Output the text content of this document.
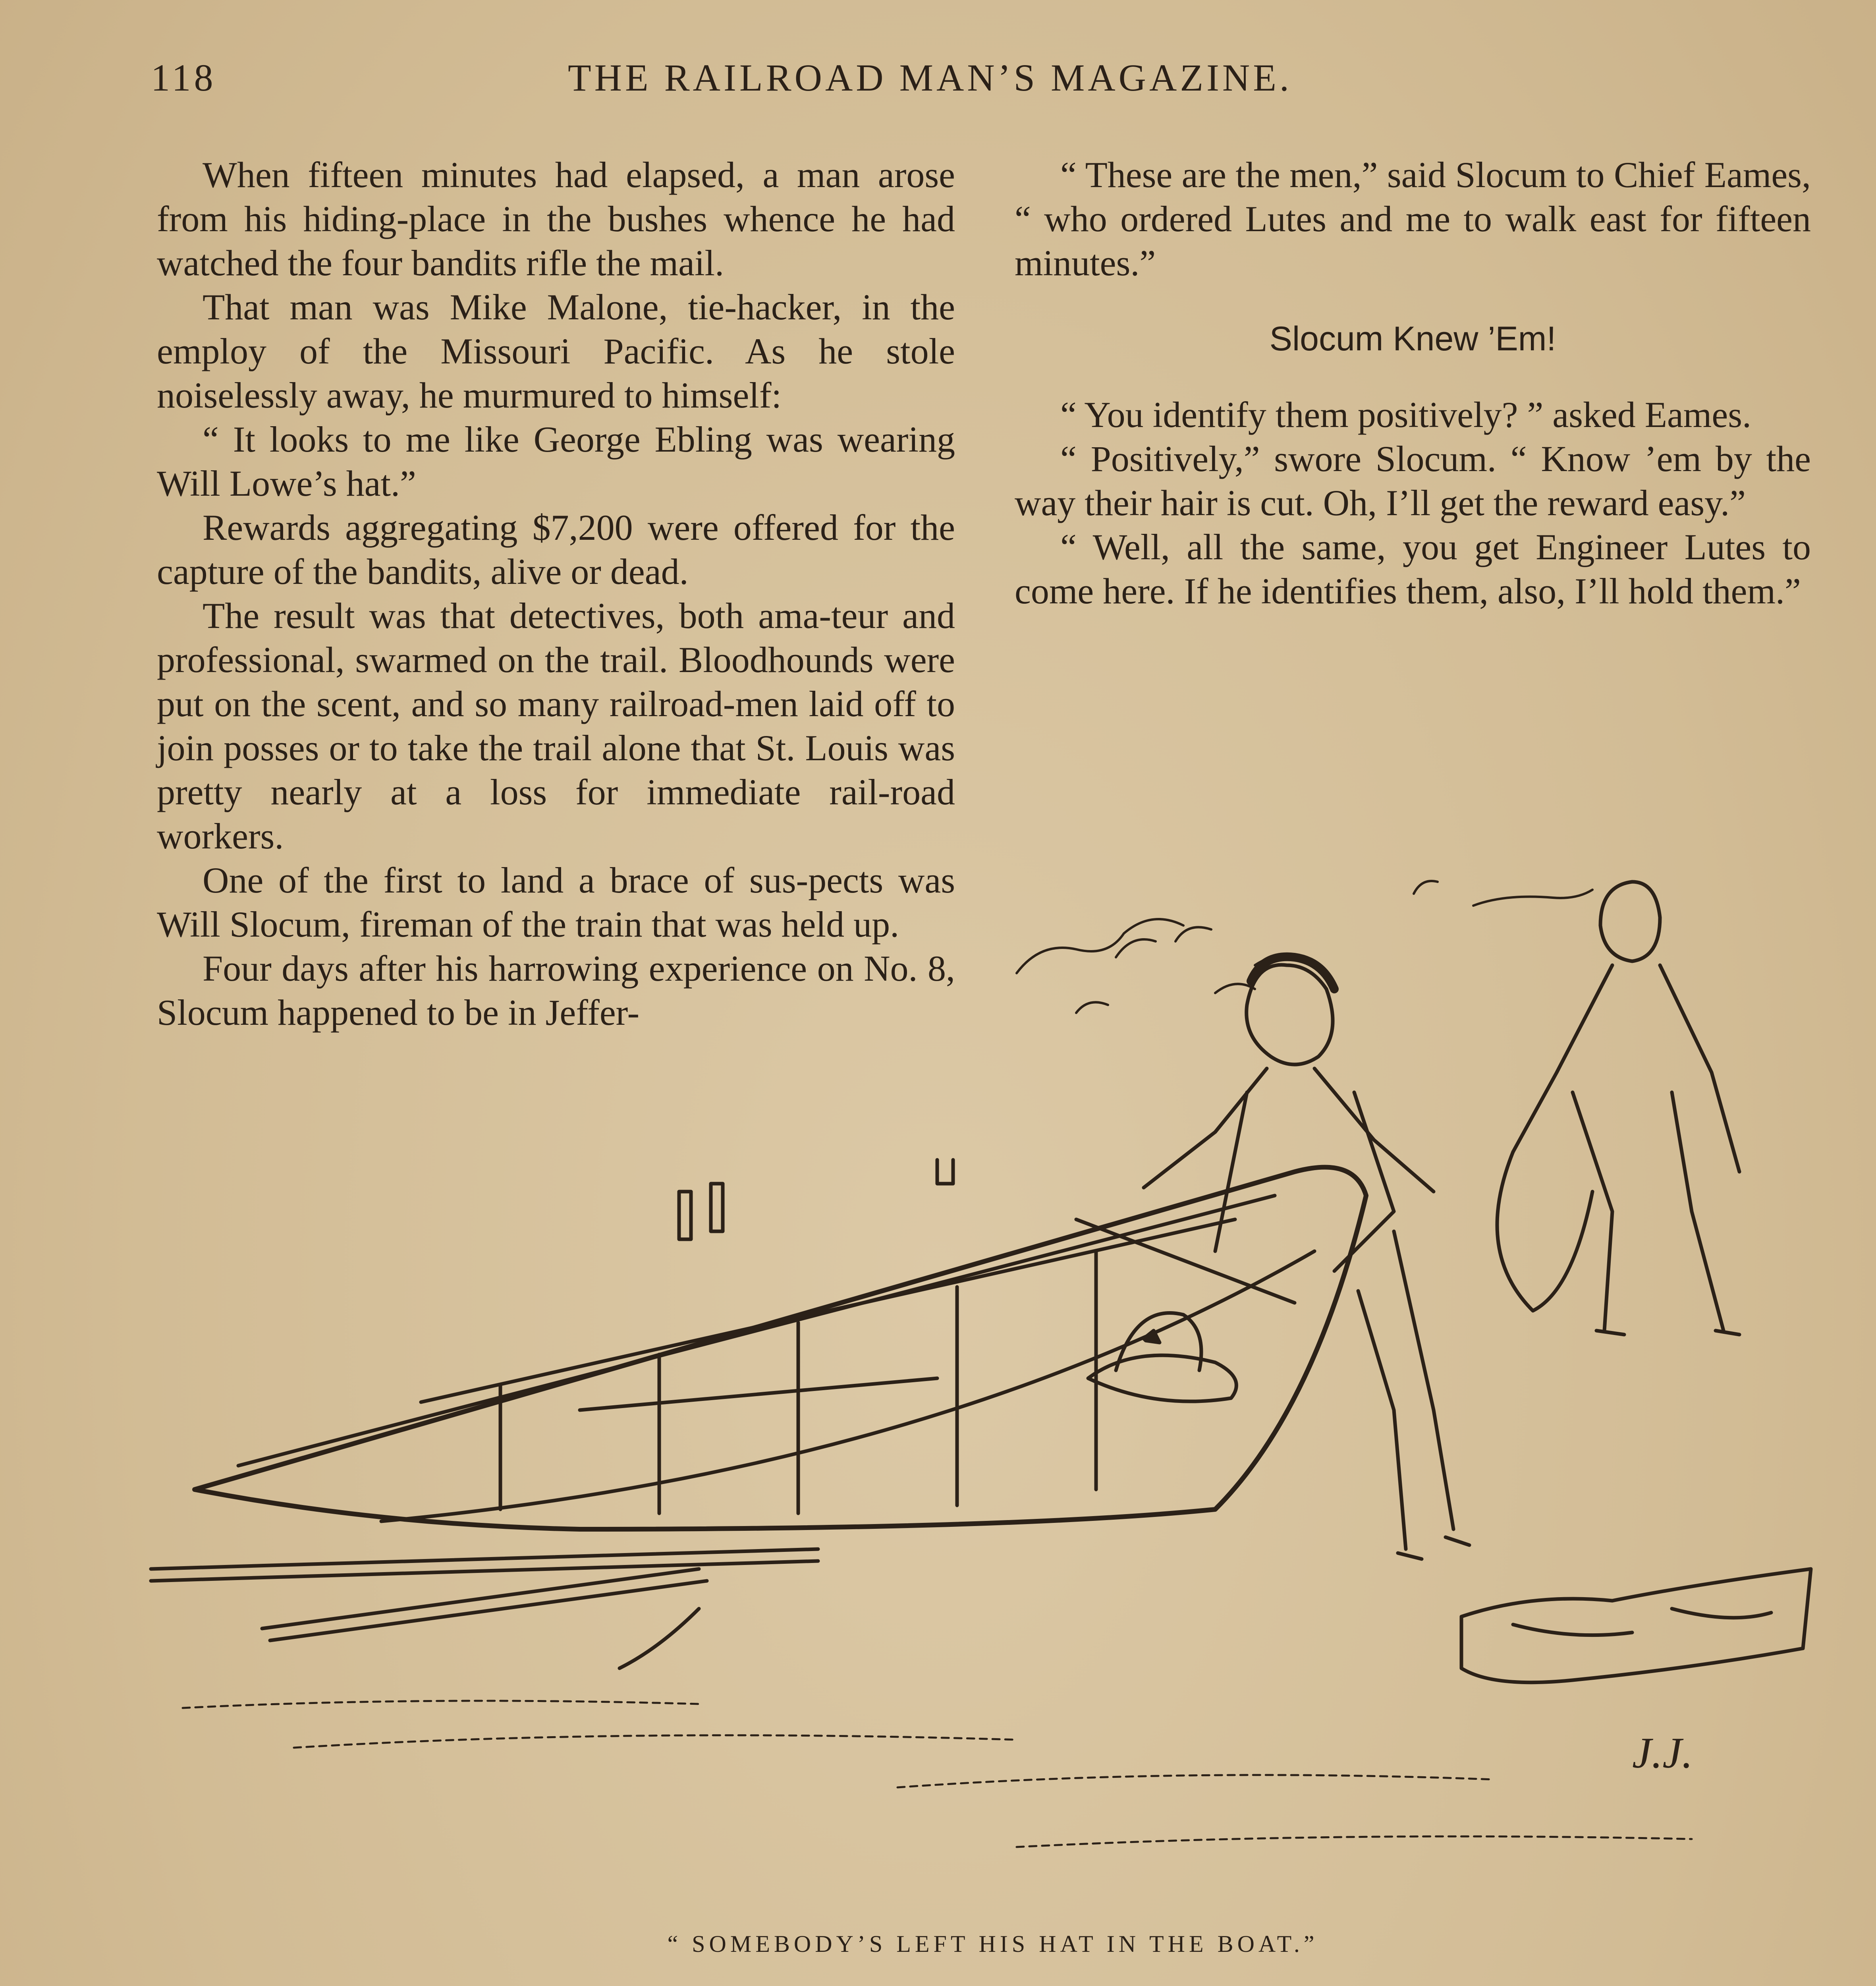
118	THE RAILROAD MAN’S MAGAZINE.

When fifteen minutes had elapsed, a man arose from his hiding-place in the bushes whence he had watched the four bandits rifle the mail.

That man was Mike Malone, tie-hacker, in the employ of the Missouri Pacific. As he stole noiselessly away, he murmured to himself:

“ It looks to me like George Ebling was wearing Will Lowe’s hat.”

Rewards aggregating $7,200 were offered for the capture of the bandits, alive or dead.

The result was that detectives, both ama-teur and professional, swarmed on the trail. Bloodhounds were put on the scent, and so many railroad-men laid off to join posses or to take the trail alone that St. Louis was pretty nearly at a loss for immediate rail-road workers.

One of the first to land a brace of sus-pects was Will Slocum, fireman of the train that was held up.

Four days after his harrowing experience on No. 8, Slocum happened to be in Jeffer-

“ These are the men,” said Slocum to Chief Eames, “ who ordered Lutes and me to walk east for fifteen minutes.”

Slocum Knew ’Em!

“ You identify them positively? ” asked Eames.

“ Positively,” swore Slocum. “ Know ’em by the way their hair is cut. Oh, I’ll get the reward easy.”

“ Well, all the same, you get Engineer Lutes to come here. If he identifies them, also, I’ll hold them.”

J.J.
“ SOMEBODY’S LEFT HIS HAT IN THE BOAT.”
